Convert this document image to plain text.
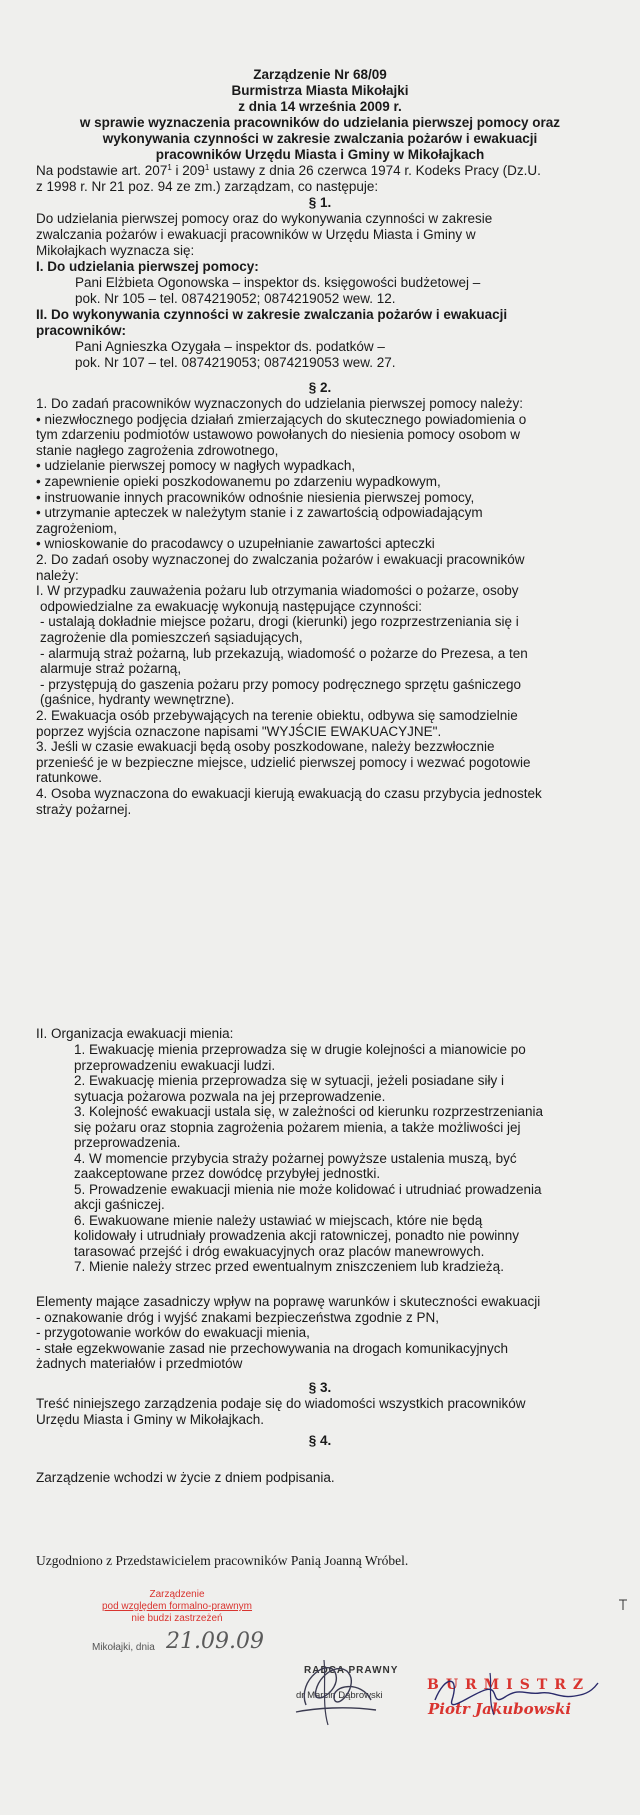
Zarządzenie Nr 68/09
Burmistrza Miasta Mikołajki
z dnia 14 września 2009 r.
w sprawie wyznaczenia pracowników do udzielania pierwszej pomocy oraz
wykonywania czynności w zakresie zwalczania pożarów i ewakuacji
pracowników Urzędu Miasta i Gminy w Mikołajkach
Na podstawie art. $207^1$ i $209^1$ ustawy z dnia 26 czerwca 1974 r. Kodeks Pracy (Dz.U.
z 1998 r. Nr 21 poz. 94 ze zm.) zarządzam, co następuje:
§ 1.
Do udzielania pierwszej pomocy oraz do wykonywania czynności w zakresie
zwalczania pożarów i ewakuacji pracowników w Urzędu Miasta i Gminy w
Mikołajkach wyznacza się:
I. Do udzielania pierwszej pomocy:
Pani Elżbieta Ogonowska – inspektor ds. księgowości budżetowej –
pok. Nr 105 – tel. 0874219052; 0874219052 wew. 12.
II. Do wykonywania czynności w zakresie zwalczania pożarów i ewakuacji
pracowników:
Pani Agnieszka Ozygała – inspektor ds. podatków –
pok. Nr 107 – tel. 0874219053; 0874219053 wew. 27.
§ 2.
1. Do zadań pracowników wyznaczonych do udzielania pierwszej pomocy należy:
• niezwłocznego podjęcia działań zmierzających do skutecznego powiadomienia o
tym zdarzeniu podmiotów ustawowo powołanych do niesienia pomocy osobom w
stanie nagłego zagrożenia zdrowotnego,
• udzielanie pierwszej pomocy w nagłych wypadkach,
• zapewnienie opieki poszkodowanemu po zdarzeniu wypadkowym,
• instruowanie innych pracowników odnośnie niesienia pierwszej pomocy,
• utrzymanie apteczek w należytym stanie i z zawartością odpowiadającym
zagrożeniom,
• wnioskowanie do pracodawcy o uzupełnianie zawartości apteczki
2. Do zadań osoby wyznaczonej do zwalczania pożarów i ewakuacji pracowników
należy:
I. W przypadku zauważenia pożaru lub otrzymania wiadomości o pożarze, osoby
odpowiedzialne za ewakuację wykonują następujące czynności:
- ustalają dokładnie miejsce pożaru, drogi (kierunki) jego rozprzestrzeniania się i
zagrożenie dla pomieszczeń sąsiadujących,
- alarmują straż pożarną, lub przekazują, wiadomość o pożarze do Prezesa, a ten
alarmuje straż pożarną,
- przystępują do gaszenia pożaru przy pomocy podręcznego sprzętu gaśniczego
(gaśnice, hydranty wewnętrzne).
2. Ewakuacja osób przebywających na terenie obiektu, odbywa się samodzielnie
poprzez wyjścia oznaczone napisami "WYJŚCIE EWAKUACYJNE".
3. Jeśli w czasie ewakuacji będą osoby poszkodowane, należy bezzwłocznie
przenieść je w bezpieczne miejsce, udzielić pierwszej pomocy i wezwać pogotowie
ratunkowe.
4. Osoba wyznaczona do ewakuacji kierują ewakuacją do czasu przybycia jednostek
straży pożarnej.
II. Organizacja ewakuacji mienia:
1. Ewakuację mienia przeprowadza się w drugie kolejności a mianowicie po
przeprowadzeniu ewakuacji ludzi.
2. Ewakuację mienia przeprowadza się w sytuacji, jeżeli posiadane siły i
sytuacja pożarowa pozwala na jej przeprowadzenie.
3. Kolejność ewakuacji ustala się, w zależności od kierunku rozprzestrzeniania
się pożaru oraz stopnia zagrożenia pożarem mienia, a także możliwości jej
przeprowadzenia.
4. W momencie przybycia straży pożarnej powyższe ustalenia muszą, być
zaakceptowane przez dowódcę przybyłej jednostki.
5. Prowadzenie ewakuacji mienia nie może kolidować i utrudniać prowadzenia
akcji gaśniczej.
6. Ewakuowane mienie należy ustawiać w miejscach, które nie będą
kolidowały i utrudniały prowadzenia akcji ratowniczej, ponadto nie powinny
tarasować przejść i dróg ewakuacyjnych oraz placów manewrowych.
7. Mienie należy strzec przed ewentualnym zniszczeniem lub kradzieżą.
Elementy mające zasadniczy wpływ na poprawę warunków i skuteczności ewakuacji
- oznakowanie dróg i wyjść znakami bezpieczeństwa zgodnie z PN,
- przygotowanie worków do ewakuacji mienia,
- stałe egzekwowanie zasad nie przechowywania na drogach komunikacyjnych
żadnych materiałów i przedmiotów
§ 3.
Treść niniejszego zarządzenia podaje się do wiadomości wszystkich pracowników
Urzędu Miasta i Gminy w Mikołajkach.
§ 4.
Zarządzenie wchodzi w życie z dniem podpisania.
Uzgodniono z Przedstawicielem pracowników Panią Joanną Wróbel.
Zarządzenie
pod względem formalno-prawnym
nie budzi zastrzeżeń
Mikołajki, dnia 21.09.09
RADCA PRAWNY
dr Marcin Dąbrowski
BURMISTRZ
Piotr Jakubowski
